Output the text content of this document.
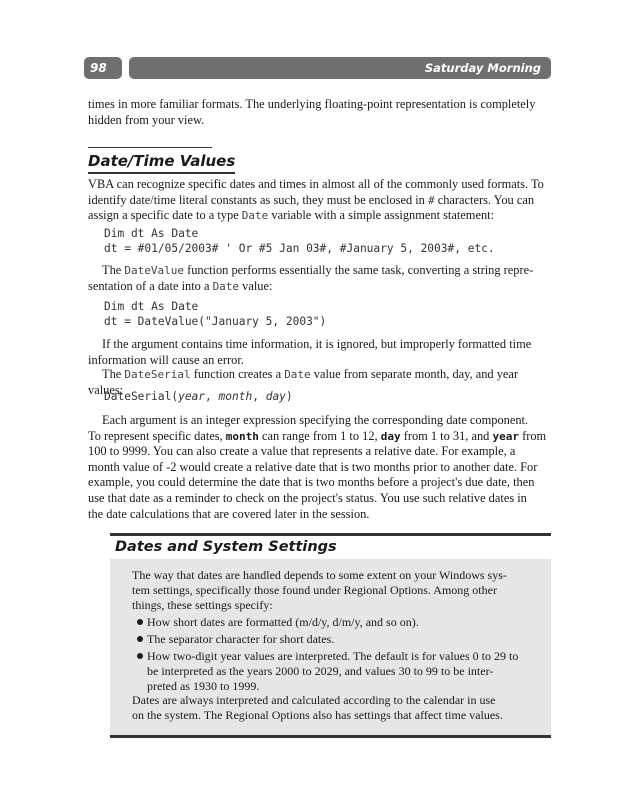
98	Saturday Morning

times in more familiar formats. The underlying floating-point representation is completely
hidden from your view.

Date/Time Values

VBA can recognize specific dates and times in almost all of the commonly used formats. To
identify date/time literal constants as such, they must be enclosed in # characters. You can
assign a specific date to a type Date variable with a simple assignment statement:

Dim dt As Date
dt = #01/05/2003# ' Or #5 Jan 03#, #January 5, 2003#, etc.

The DateValue function performs essentially the same task, converting a string repre-
sentation of a date into a Date value:

Dim dt As Date
dt = DateValue("January 5, 2003")

If the argument contains time information, it is ignored, but improperly formatted time
information will cause an error.

The DateSerial function creates a Date value from separate month, day, and year values:

DateSerial(year, month, day)

Each argument is an integer expression specifying the corresponding date component.
To represent specific dates, month can range from 1 to 12, day from 1 to 31, and year from
100 to 9999. You can also create a value that represents a relative date. For example, a
month value of -2 would create a relative date that is two months prior to another date. For
example, you could determine the date that is two months before a project's due date, then
use that date as a reminder to check on the project's status. You use such relative dates in
the date calculations that are covered later in the session.

Dates and System Settings

The way that dates are handled depends to some extent on your Windows sys-
tem settings, specifically those found under Regional Options. Among other
things, these settings specify:

How short dates are formatted (m/d/y, d/m/y, and so on).

The separator character for short dates.

How two-digit year values are interpreted. The default is for values 0 to 29 to
be interpreted as the years 2000 to 2029, and values 30 to 99 to be inter-
preted as 1930 to 1999.

Dates are always interpreted and calculated according to the calendar in use
on the system. The Regional Options also has settings that affect time values.
